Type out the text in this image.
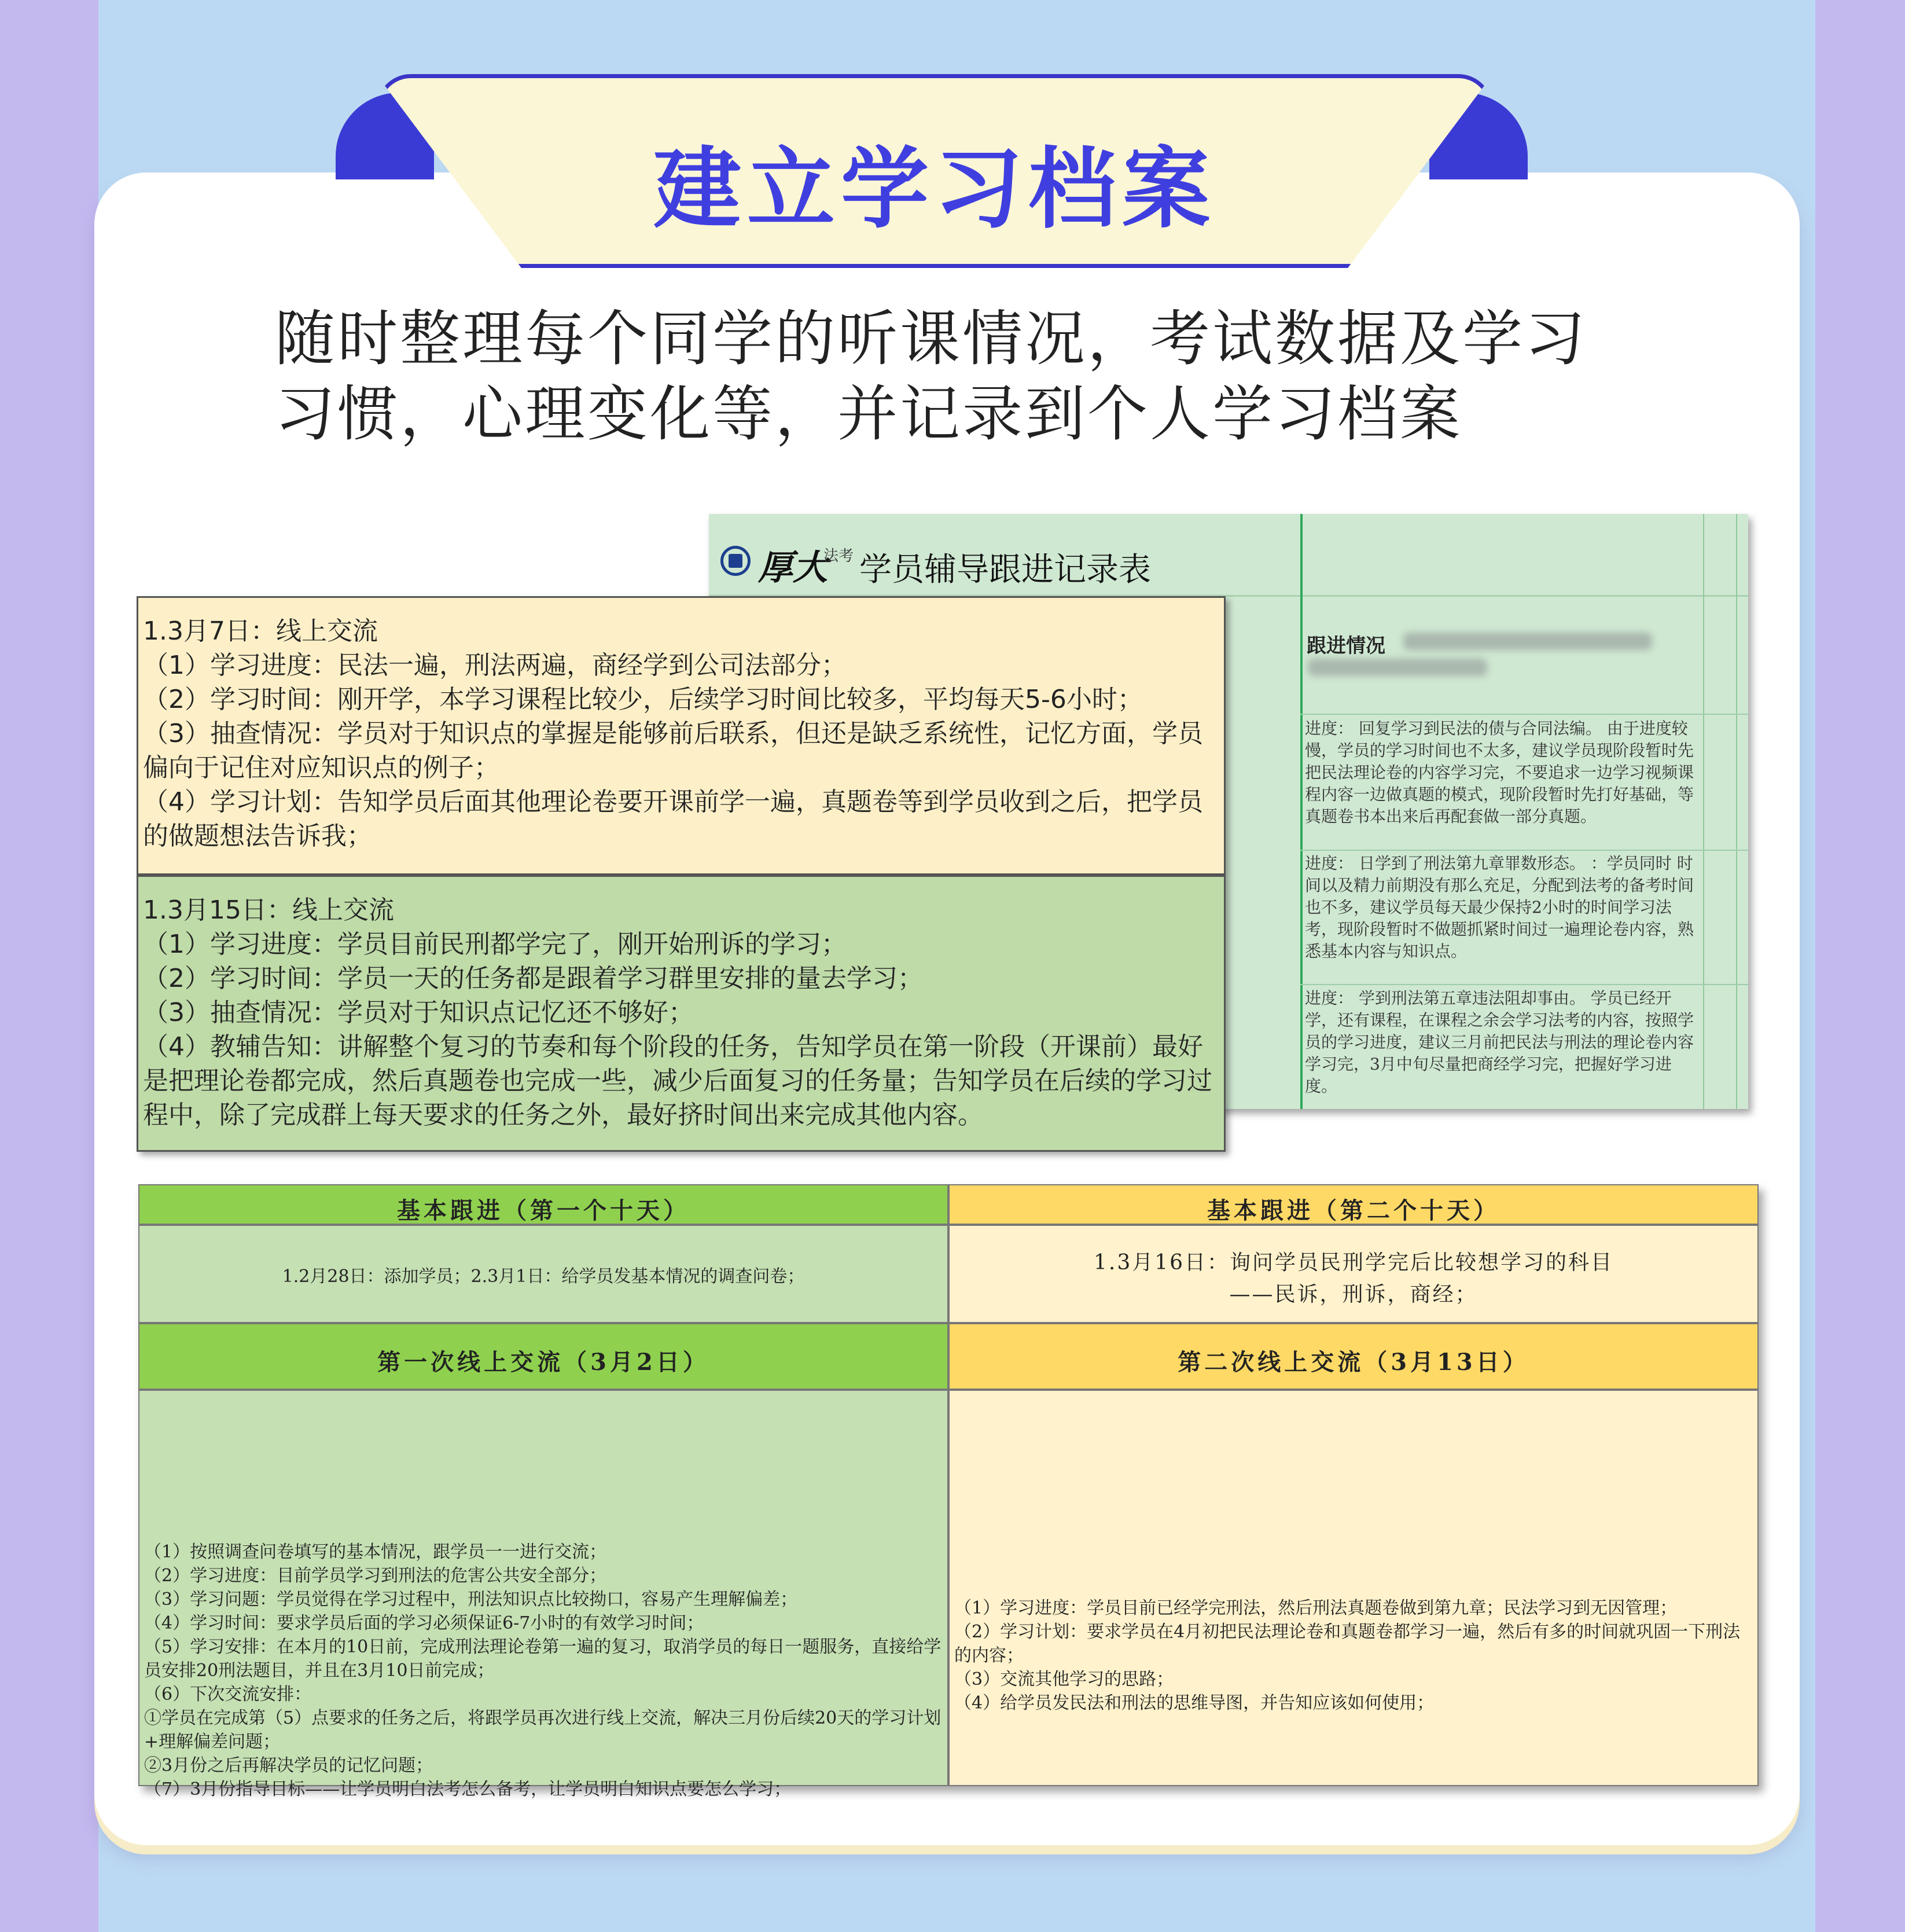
建立学习档案
随时整理每个同学的听课情况，考试数据及学习
习惯，心理变化等，并记录到个人学习档案
厚大
法考 学员辅导跟进记录表
跟进情况
进度： 回复学习到民法的债与合同法编。 由于进度较慢，学员的学习时间也不太多，建议学员现阶段暂时先把民法理论卷的内容学习完，不要追求一边学习视频课程内容一边做真题的模式，现阶段暂时先打好基础，等真题卷书本出来后再配套做一部分真题。
进度： 日学到了刑法第九章罪数形态。 ：学员同时 时间以及精力前期没有那么充足，分配到法考的备考时间也不多，建议学员每天最少保持2小时的时间学习法考，现阶段暂时不做题抓紧时间过一遍理论卷内容，熟悉基本内容与知识点。
进度： 学到刑法第五章违法阻却事由。 学员已经开学，还有课程，在课程之余会学习法考的内容，按照学员的学习进度，建议三月前把民法与刑法的理论卷内容学习完，3月中旬尽量把商经学习完，把握好学习进度。

1.3月7日：线上交流

（1）学习进度：民法一遍，刑法两遍，商经学到公司法部分；

（2）学习时间：刚开学，本学习课程比较少，后续学习时间比较多，平均每天5-6小时；

（3）抽查情况：学员对于知识点的掌握是能够前后联系，但还是缺乏系统性，记忆方面，学员偏向于记住对应知识点的例子；

（4）学习计划：告知学员后面其他理论卷要开课前学一遍，真题卷等到学员收到之后，把学员的做题想法告诉我；

1.3月15日：线上交流

（1）学习进度：学员目前民刑都学完了，刚开始刑诉的学习；

（2）学习时间：学员一天的任务都是跟着学习群里安排的量去学习；

（3）抽查情况：学员对于知识点记忆还不够好；

（4）教辅告知：讲解整个复习的节奏和每个阶段的任务，告知学员在第一阶段（开课前）最好是把理论卷都完成，然后真题卷也完成一些，减少后面复习的任务量；告知学员在后续的学习过程中，除了完成群上每天要求的任务之外，最好挤时间出来完成其他内容。

基本跟进（第一个十天）	基本跟进（第二个十天）
1.2月28日：添加学员；2.3月1日：给学员发基本情况的调查问卷；
1.3月16日：询问学员民刑学完后比较想学习的科目
——民诉，刑诉，商经；
第一次线上交流（3月2日）	第二次线上交流（3月13日）

（1）按照调查问卷填写的基本情况，跟学员一一进行交流；

（2）学习进度：目前学员学习到刑法的危害公共安全部分；

（3）学习问题：学员觉得在学习过程中，刑法知识点比较拗口，容易产生理解偏差；

（4）学习时间：要求学员后面的学习必须保证6-7小时的有效学习时间；

（5）学习安排：在本月的10日前，完成刑法理论卷第一遍的复习，取消学员的每日一题服务，直接给学员安排20刑法题目，并且在3月10日前完成；

（6）下次交流安排：

①学员在完成第（5）点要求的任务之后，将跟学员再次进行线上交流，解决三月份后续20天的学习计划+理解偏差问题；

②3月份之后再解决学员的记忆问题；

（7）3月份指导目标——让学员明白法考怎么备考，让学员明白知识点要怎么学习；

（1）学习进度：学员目前已经学完刑法，然后刑法真题卷做到第九章；民法学习到无因管理；

（2）学习计划：要求学员在4月初把民法理论卷和真题卷都学习一遍，然后有多的时间就巩固一下刑法的内容；

（3）交流其他学习的思路；

（4）给学员发民法和刑法的思维导图，并告知应该如何使用；
